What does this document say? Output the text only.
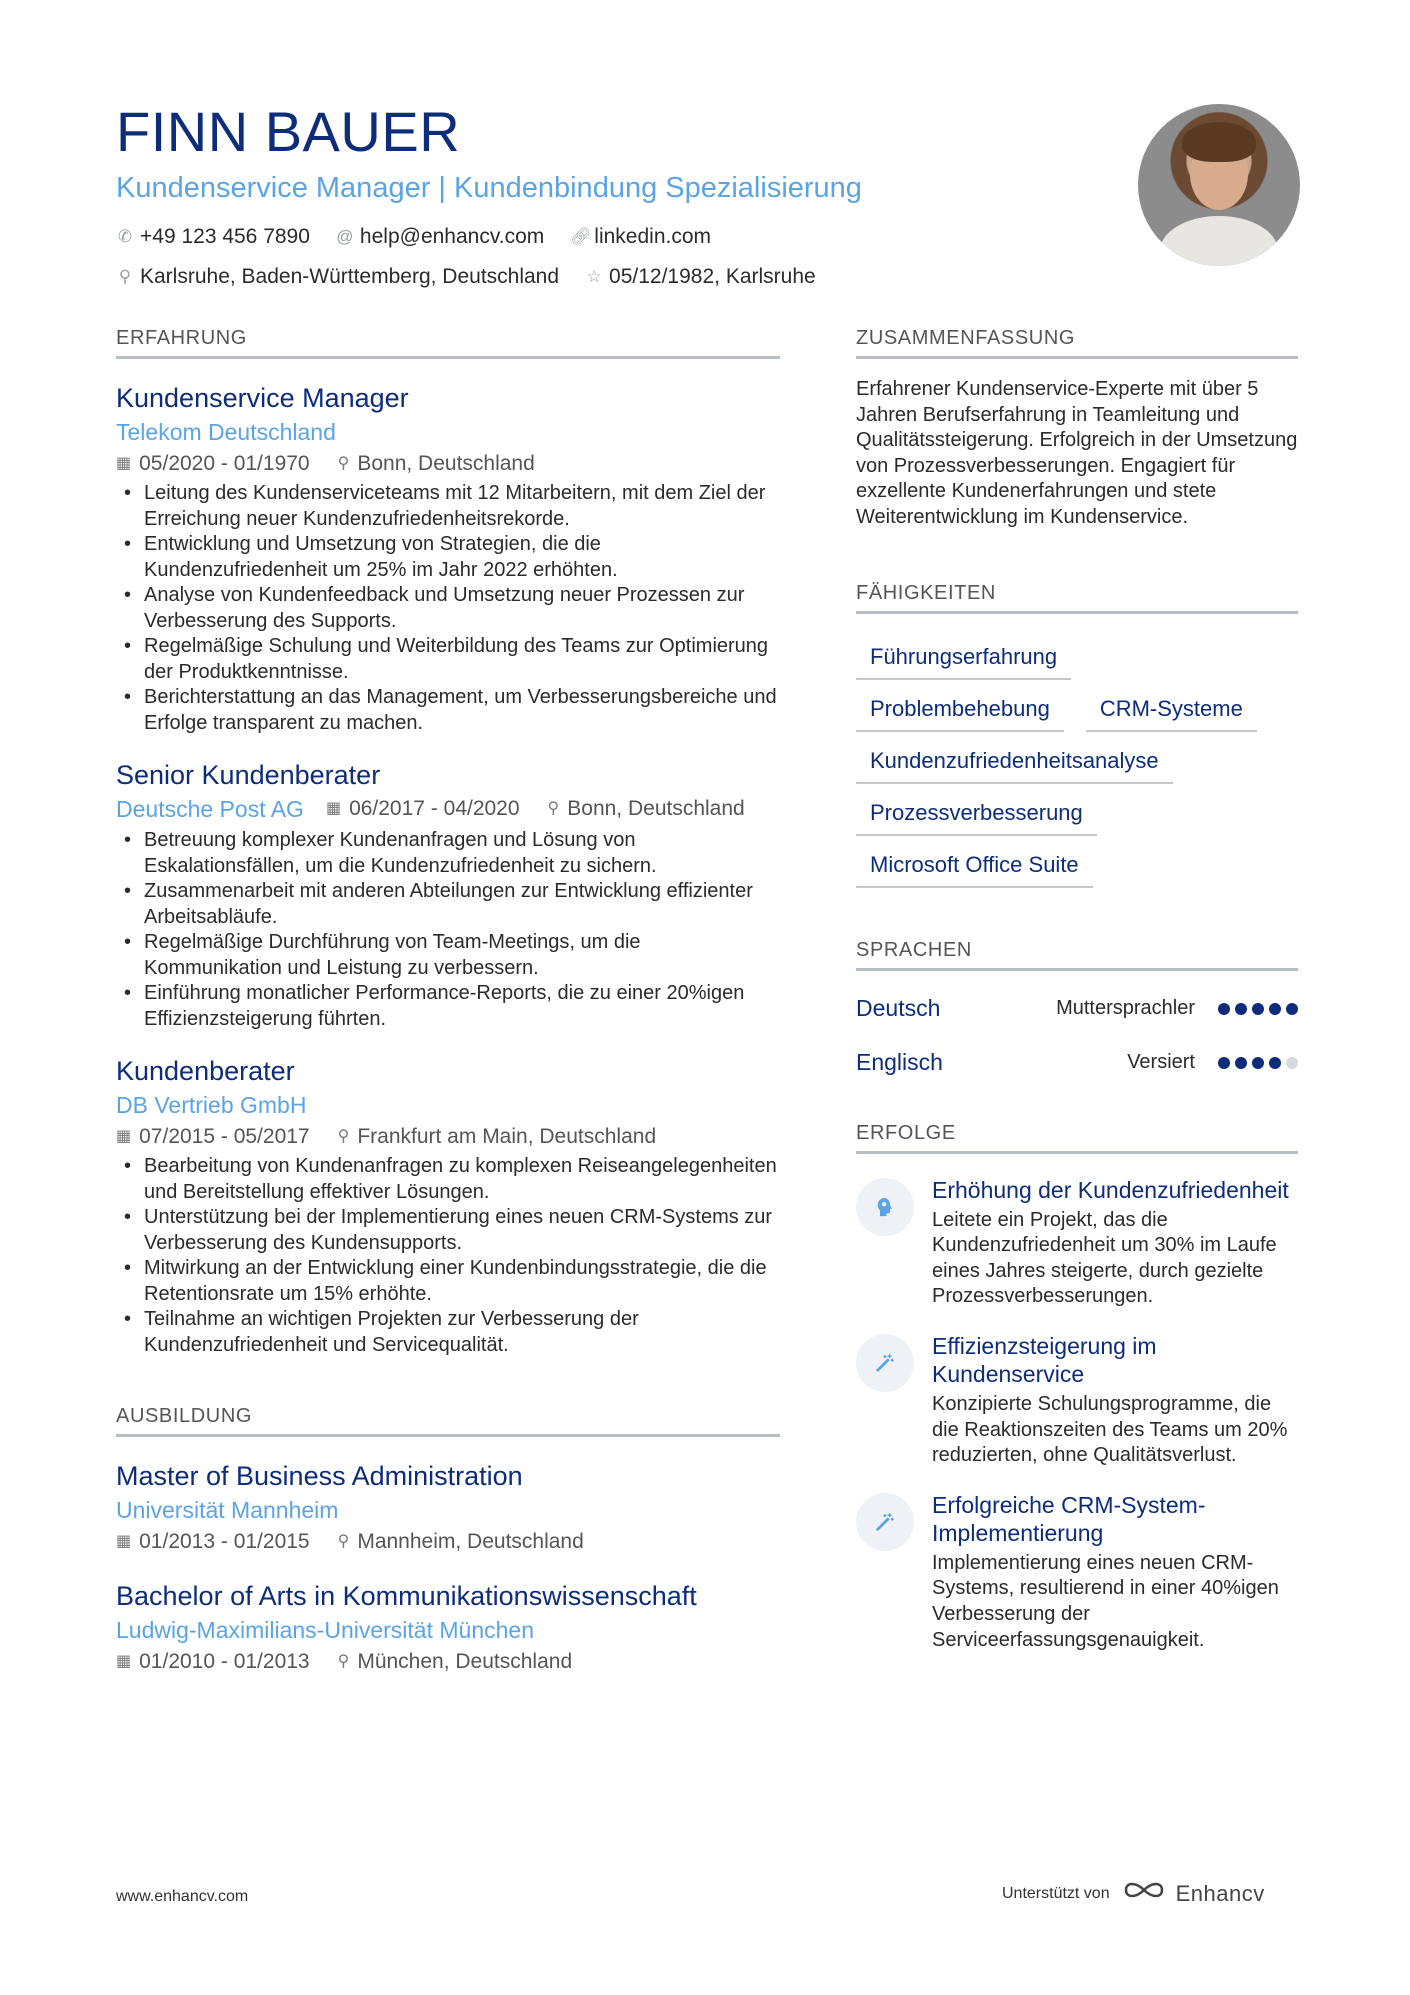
FINN BAUER
Kundenservice Manager | Kundenbindung Spezialisierung
✆ +49 123 456 7890 @ help@enhancv.com 🔗︎ linkedin.com
⚲ Karlsruhe, Baden-Württemberg, Deutschland ☆ 05/12/1982, Karlsruhe
ERFAHRUNG
Kundenservice Manager
Telekom Deutschland
▦ 05/2020 - 01/1970 ⚲ Bonn, Deutschland
• Leitung des Kundenserviceteams mit 12 Mitarbeitern, mit dem Ziel der Erreichung neuer Kundenzufriedenheitsrekorde.
• Entwicklung und Umsetzung von Strategien, die die Kundenzufriedenheit um 25% im Jahr 2022 erhöhten.
• Analyse von Kundenfeedback und Umsetzung neuer Prozessen zur Verbesserung des Supports.
• Regelmäßige Schulung und Weiterbildung des Teams zur Optimierung der Produktkenntnisse.
• Berichterstattung an das Management, um Verbesserungsbereiche und Erfolge transparent zu machen.
Senior Kundenberater
Deutsche Post AG ▦ 06/2017 - 04/2020 ⚲ Bonn, Deutschland
• Betreuung komplexer Kundenanfragen und Lösung von Eskalationsfällen, um die Kundenzufriedenheit zu sichern.
• Zusammenarbeit mit anderen Abteilungen zur Entwicklung effizienter Arbeitsabläufe.
• Regelmäßige Durchführung von Team-Meetings, um die Kommunikation und Leistung zu verbessern.
• Einführung monatlicher Performance-Reports, die zu einer 20%igen Effizienzsteigerung führten.
Kundenberater
DB Vertrieb GmbH
▦ 07/2015 - 05/2017 ⚲ Frankfurt am Main, Deutschland
• Bearbeitung von Kundenanfragen zu komplexen Reiseangelegenheiten und Bereitstellung effektiver Lösungen.
• Unterstützung bei der Implementierung eines neuen CRM-Systems zur Verbesserung des Kundensupports.
• Mitwirkung an der Entwicklung einer Kundenbindungsstrategie, die die Retentionsrate um 15% erhöhte.
• Teilnahme an wichtigen Projekten zur Verbesserung der Kundenzufriedenheit und Servicequalität.
AUSBILDUNG
Master of Business Administration
Universität Mannheim
▦ 01/2013 - 01/2015 ⚲ Mannheim, Deutschland
Bachelor of Arts in Kommunikationswissenschaft
Ludwig-Maximilians-Universität München
▦ 01/2010 - 01/2013 ⚲ München, Deutschland
ZUSAMMENFASSUNG
Erfahrener Kundenservice-Experte mit über 5 Jahren Berufserfahrung in Teamleitung und Qualitätssteigerung. Erfolgreich in der Umsetzung von Prozessverbesserungen. Engagiert für exzellente Kundenerfahrungen und stete Weiterentwicklung im Kundenservice.
FÄHIGKEITEN
Führungserfahrung
Problembehebung	CRM-Systeme
Kundenzufriedenheitsanalyse
Prozessverbesserung
Microsoft Office Suite
SPRACHEN
Deutsch	Muttersprachler
Englisch	Versiert
ERFOLGE
Erhöhung der Kundenzufriedenheit
Leitete ein Projekt, das die Kundenzufriedenheit um 30% im Laufe eines Jahres steigerte, durch gezielte Prozessverbesserungen.
Effizienzsteigerung im Kundenservice
Konzipierte Schulungsprogramme, die die Reaktionszeiten des Teams um 20% reduzierten, ohne Qualitätsverlust.
Erfolgreiche CRM-System-Implementierung
Implementierung eines neuen CRM-Systems, resultierend in einer 40%igen Verbesserung der Serviceerfassungsgenauigkeit.
www.enhancv.com	Unterstützt von	Enhancv
